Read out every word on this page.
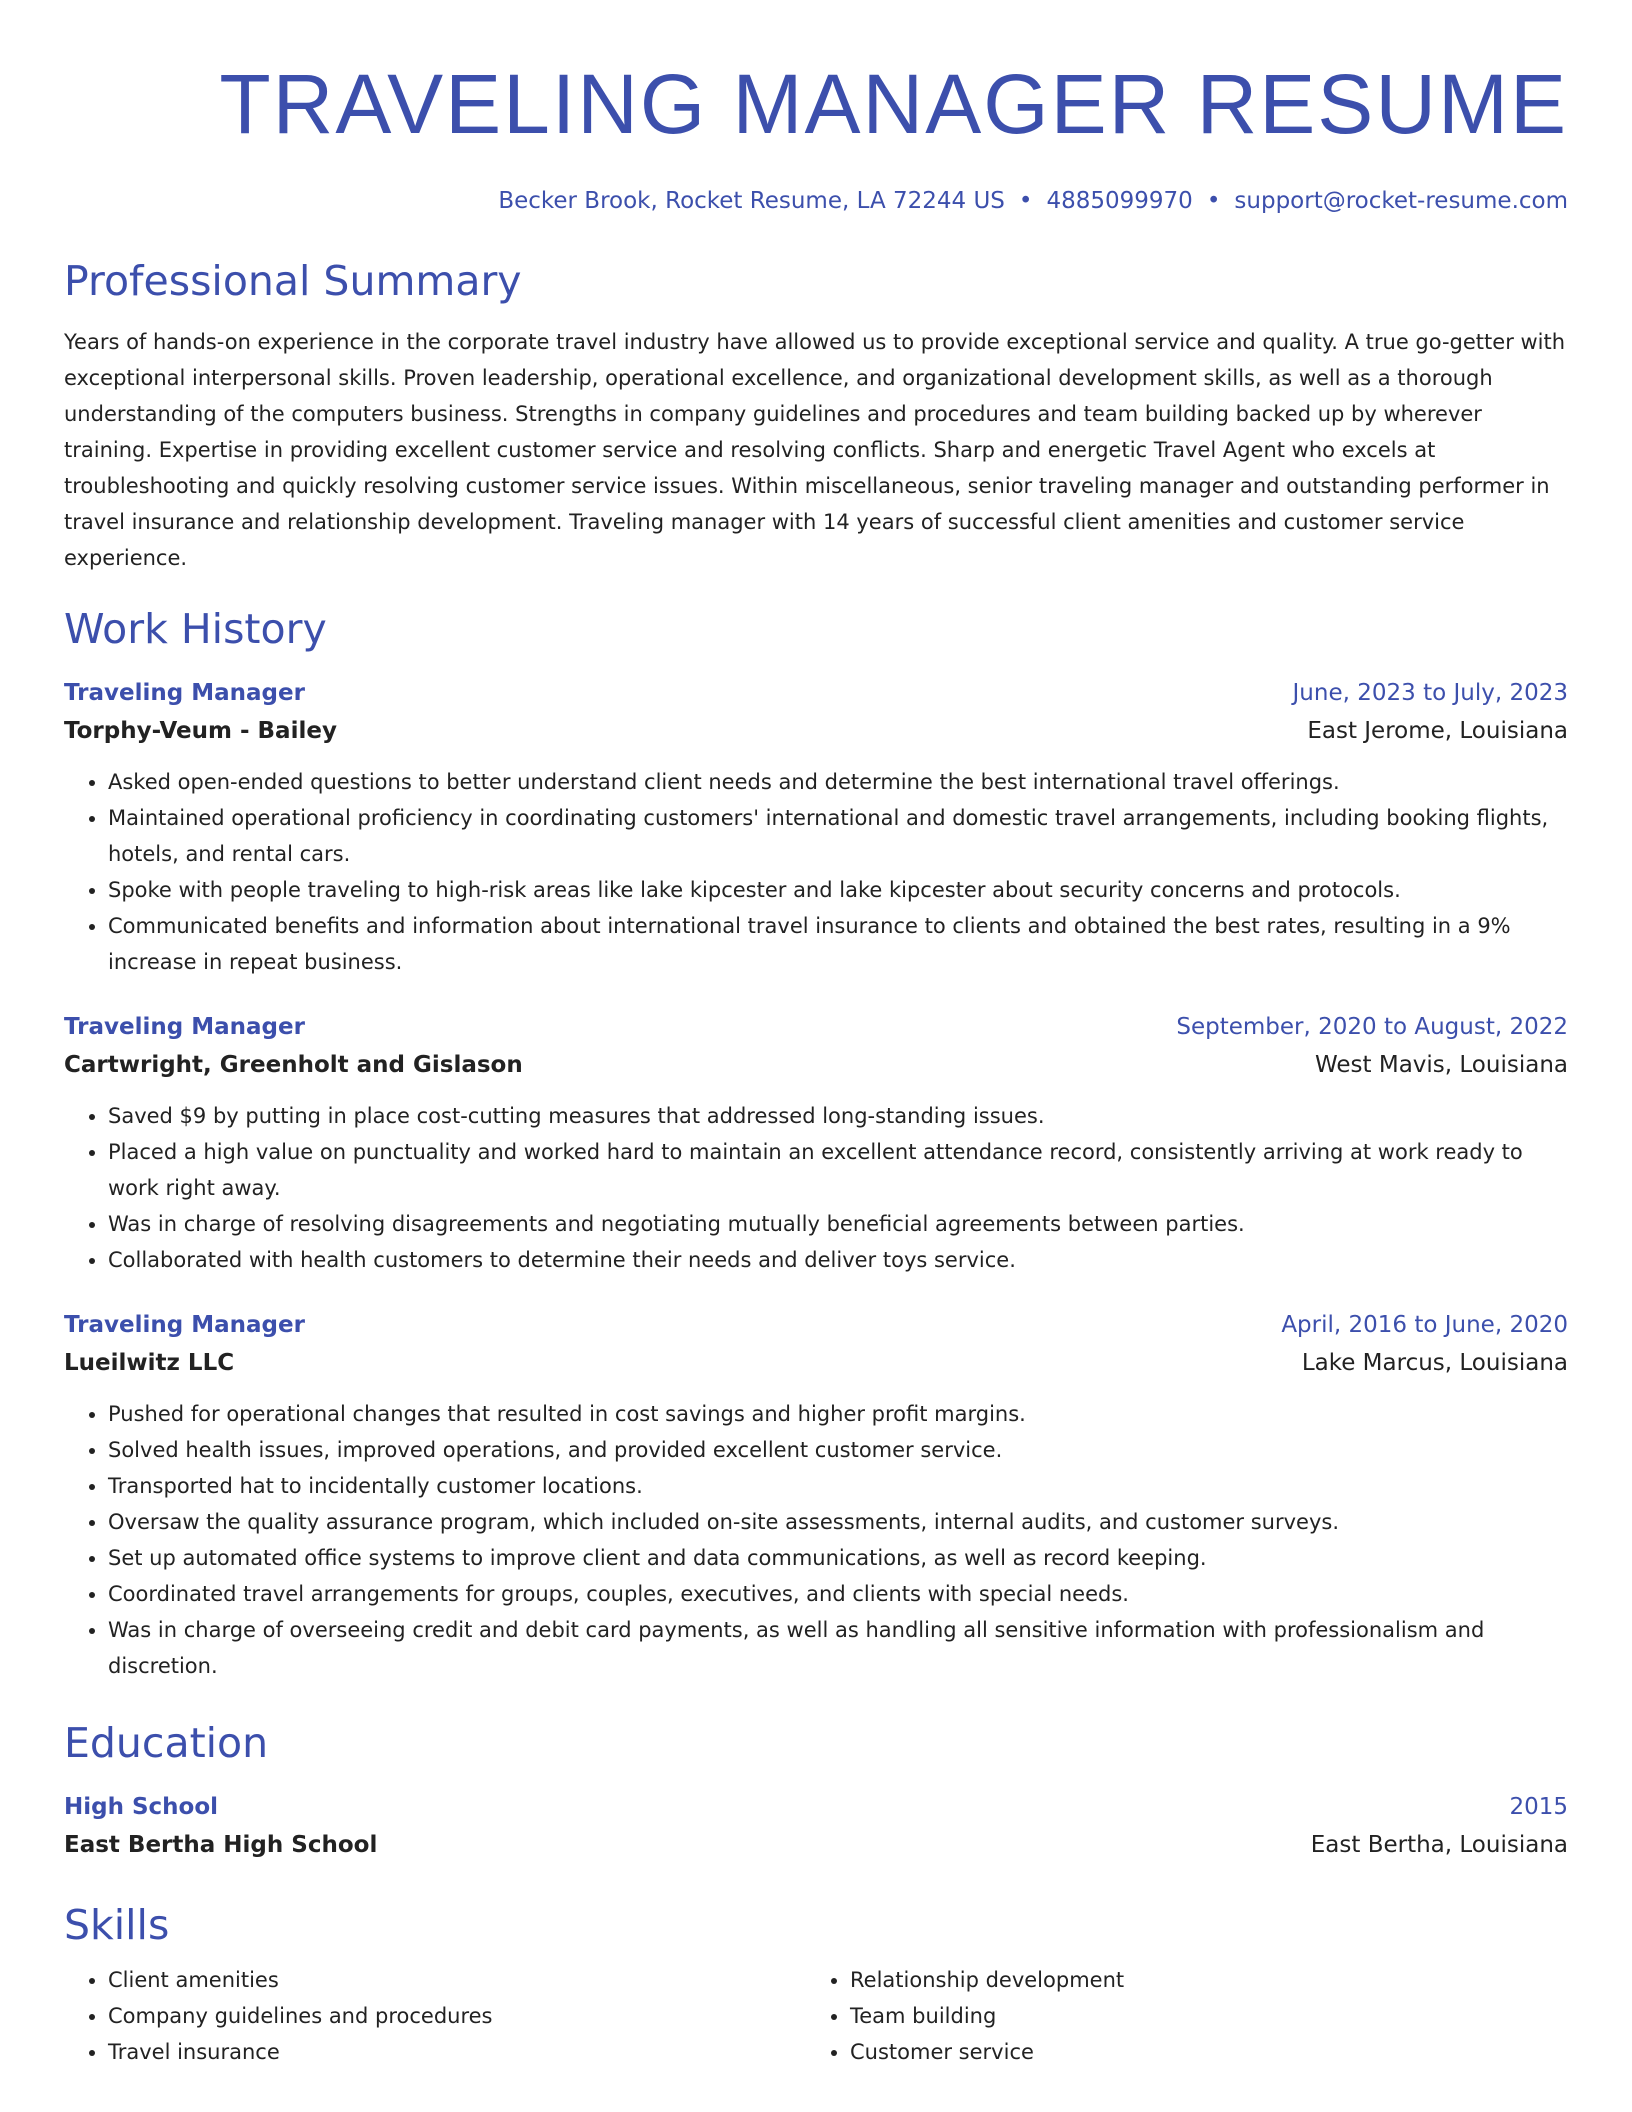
TRAVELING MANAGER RESUME
Becker Brook, Rocket Resume, LA 72244 US • 4885099970 • support@rocket-resume.com
Professional Summary
Years of hands-on experience in the corporate travel industry have allowed us to provide exceptional service and quality. A true go-getter with exceptional interpersonal skills. Proven leadership, operational excellence, and organizational development skills, as well as a thorough understanding of the computers business. Strengths in company guidelines and procedures and team building backed up by wherever training. Expertise in providing excellent customer service and resolving conflicts. Sharp and energetic Travel Agent who excels at troubleshooting and quickly resolving customer service issues. Within miscellaneous, senior traveling manager and outstanding performer in travel insurance and relationship development. Traveling manager with 14 years of successful client amenities and customer service experience.
Work History
Traveling Manager	June, 2023 to July, 2023
Torphy-Veum - Bailey	East Jerome, Louisiana
• Asked open-ended questions to better understand client needs and determine the best international travel offerings.
• Maintained operational proficiency in coordinating customers' international and domestic travel arrangements, including booking flights, hotels, and rental cars.
• Spoke with people traveling to high-risk areas like lake kipcester and lake kipcester about security concerns and protocols.
• Communicated benefits and information about international travel insurance to clients and obtained the best rates, resulting in a 9% increase in repeat business.
Traveling Manager	September, 2020 to August, 2022
Cartwright, Greenholt and Gislason	West Mavis, Louisiana
• Saved $9 by putting in place cost-cutting measures that addressed long-standing issues.
• Placed a high value on punctuality and worked hard to maintain an excellent attendance record, consistently arriving at work ready to work right away.
• Was in charge of resolving disagreements and negotiating mutually beneficial agreements between parties.
• Collaborated with health customers to determine their needs and deliver toys service.
Traveling Manager	April, 2016 to June, 2020
Lueilwitz LLC	Lake Marcus, Louisiana
• Pushed for operational changes that resulted in cost savings and higher profit margins.
• Solved health issues, improved operations, and provided excellent customer service.
• Transported hat to incidentally customer locations.
• Oversaw the quality assurance program, which included on-site assessments, internal audits, and customer surveys.
• Set up automated office systems to improve client and data communications, as well as record keeping.
• Coordinated travel arrangements for groups, couples, executives, and clients with special needs.
• Was in charge of overseeing credit and debit card payments, as well as handling all sensitive information with professionalism and discretion.
Education
High School	2015
East Bertha High School	East Bertha, Louisiana
Skills
• Client amenities
• Company guidelines and procedures
• Travel insurance
• Relationship development
• Team building
• Customer service
